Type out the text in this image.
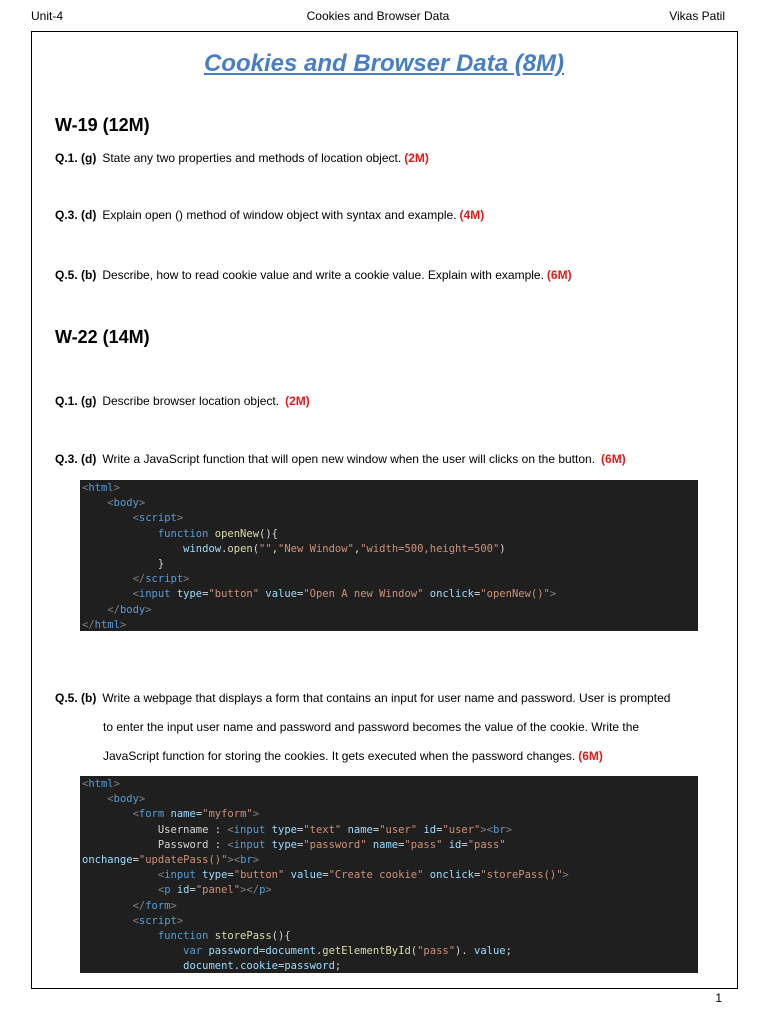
Unit-4	Cookies and Browser Data	Vikas Patil
Cookies and Browser Data (8M)
W-19 (12M)
Q.1. (g) State any two properties and methods of location object. (2M)
Q.3. (d) Explain open () method of window object with syntax and example. (4M)
Q.5. (b) Describe, how to read cookie value and write a cookie value. Explain with example. (6M)
W-22 (14M)
Q.1. (g) Describe browser location object. (2M)
Q.3. (d) Write a JavaScript function that will open new window when the user will clicks on the button. (6M)
<html>
<body>
<script>
function openNew(){
window.open("","New Window","width=500,height=500")
}
</script>
<input type="button" value="Open A new Window" onclick="openNew()">
</body>
</html>
Q.5. (b) Write a webpage that displays a form that contains an input for user name and password. User is prompted
to enter the input user name and password and password becomes the value of the cookie. Write the
JavaScript function for storing the cookies. It gets executed when the password changes. (6M)
<html>
<body>
<form name="myform">
Username : <input type="text" name="user" id="user"><br>
Password : <input type="password" name="pass" id="pass"
onchange="updatePass()"><br>
<input type="button" value="Create cookie" onclick="storePass()">
<p id="panel"></p>
</form>
<script>
function storePass(){
var password=document.getElementById("pass"). value;
document.cookie=password;
1
